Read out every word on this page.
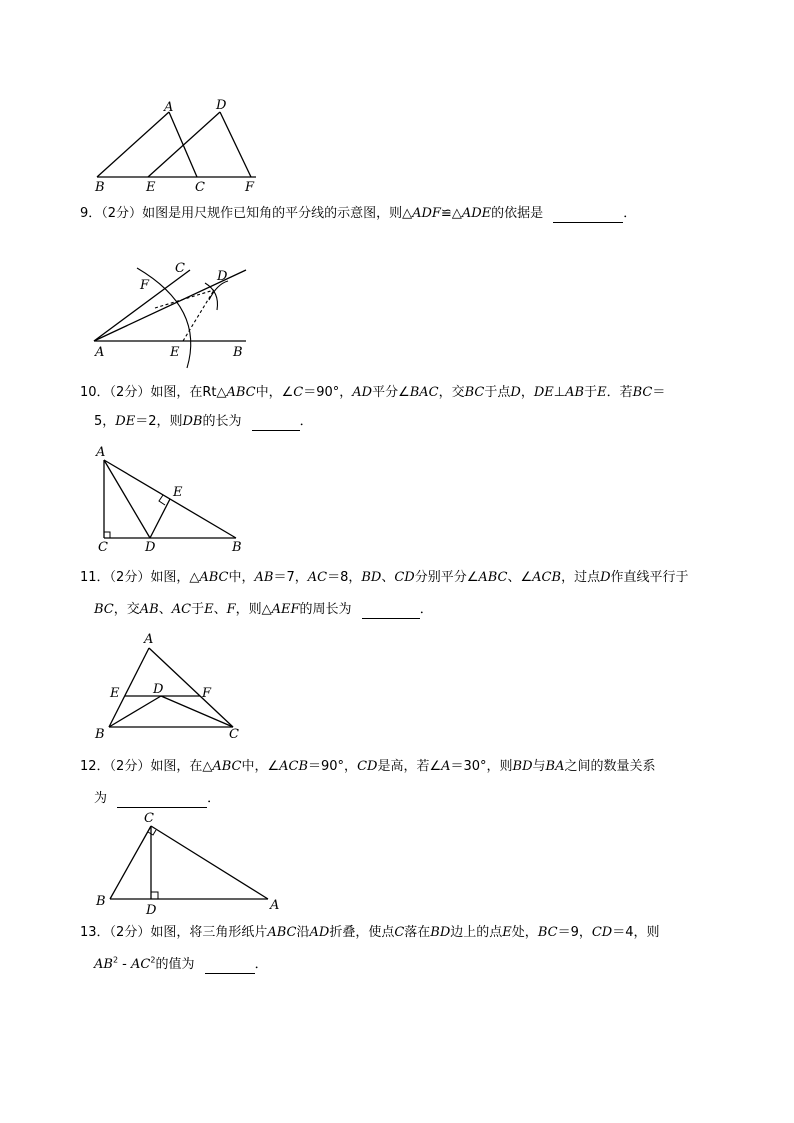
A	D
B	E	C	F
9．（2分）如图是用尺规作已知角的平分线的示意图，则△ADF≌△ADE的依据是	．
C
F
D
A	E	B
10．（2分）如图，在Rt△ABC中，∠C＝90°，AD平分∠BAC，交BC于点D，DE⊥AB于E．若BC＝
5，DE＝2，则DB的长为	．
A
E
C	D	B
11．（2分）如图，△ABC中，AB＝7，AC＝8，BD、CD分别平分∠ABC、∠ACB，过点D作直线平行于
BC，交AB、AC于E、F，则△AEF的周长为	．
A
E	D	F
B	C
12．（2分）如图，在△ABC中，∠ACB＝90°，CD是高，若∠A＝30°，则BD与BA之间的数量关系
为	．
C
B
D	A
13．（2分）如图，将三角形纸片ABC沿AD折叠，使点C落在BD边上的点E处，BC＝9，CD＝4，则
$AB^2 - AC^2$的值为	．
